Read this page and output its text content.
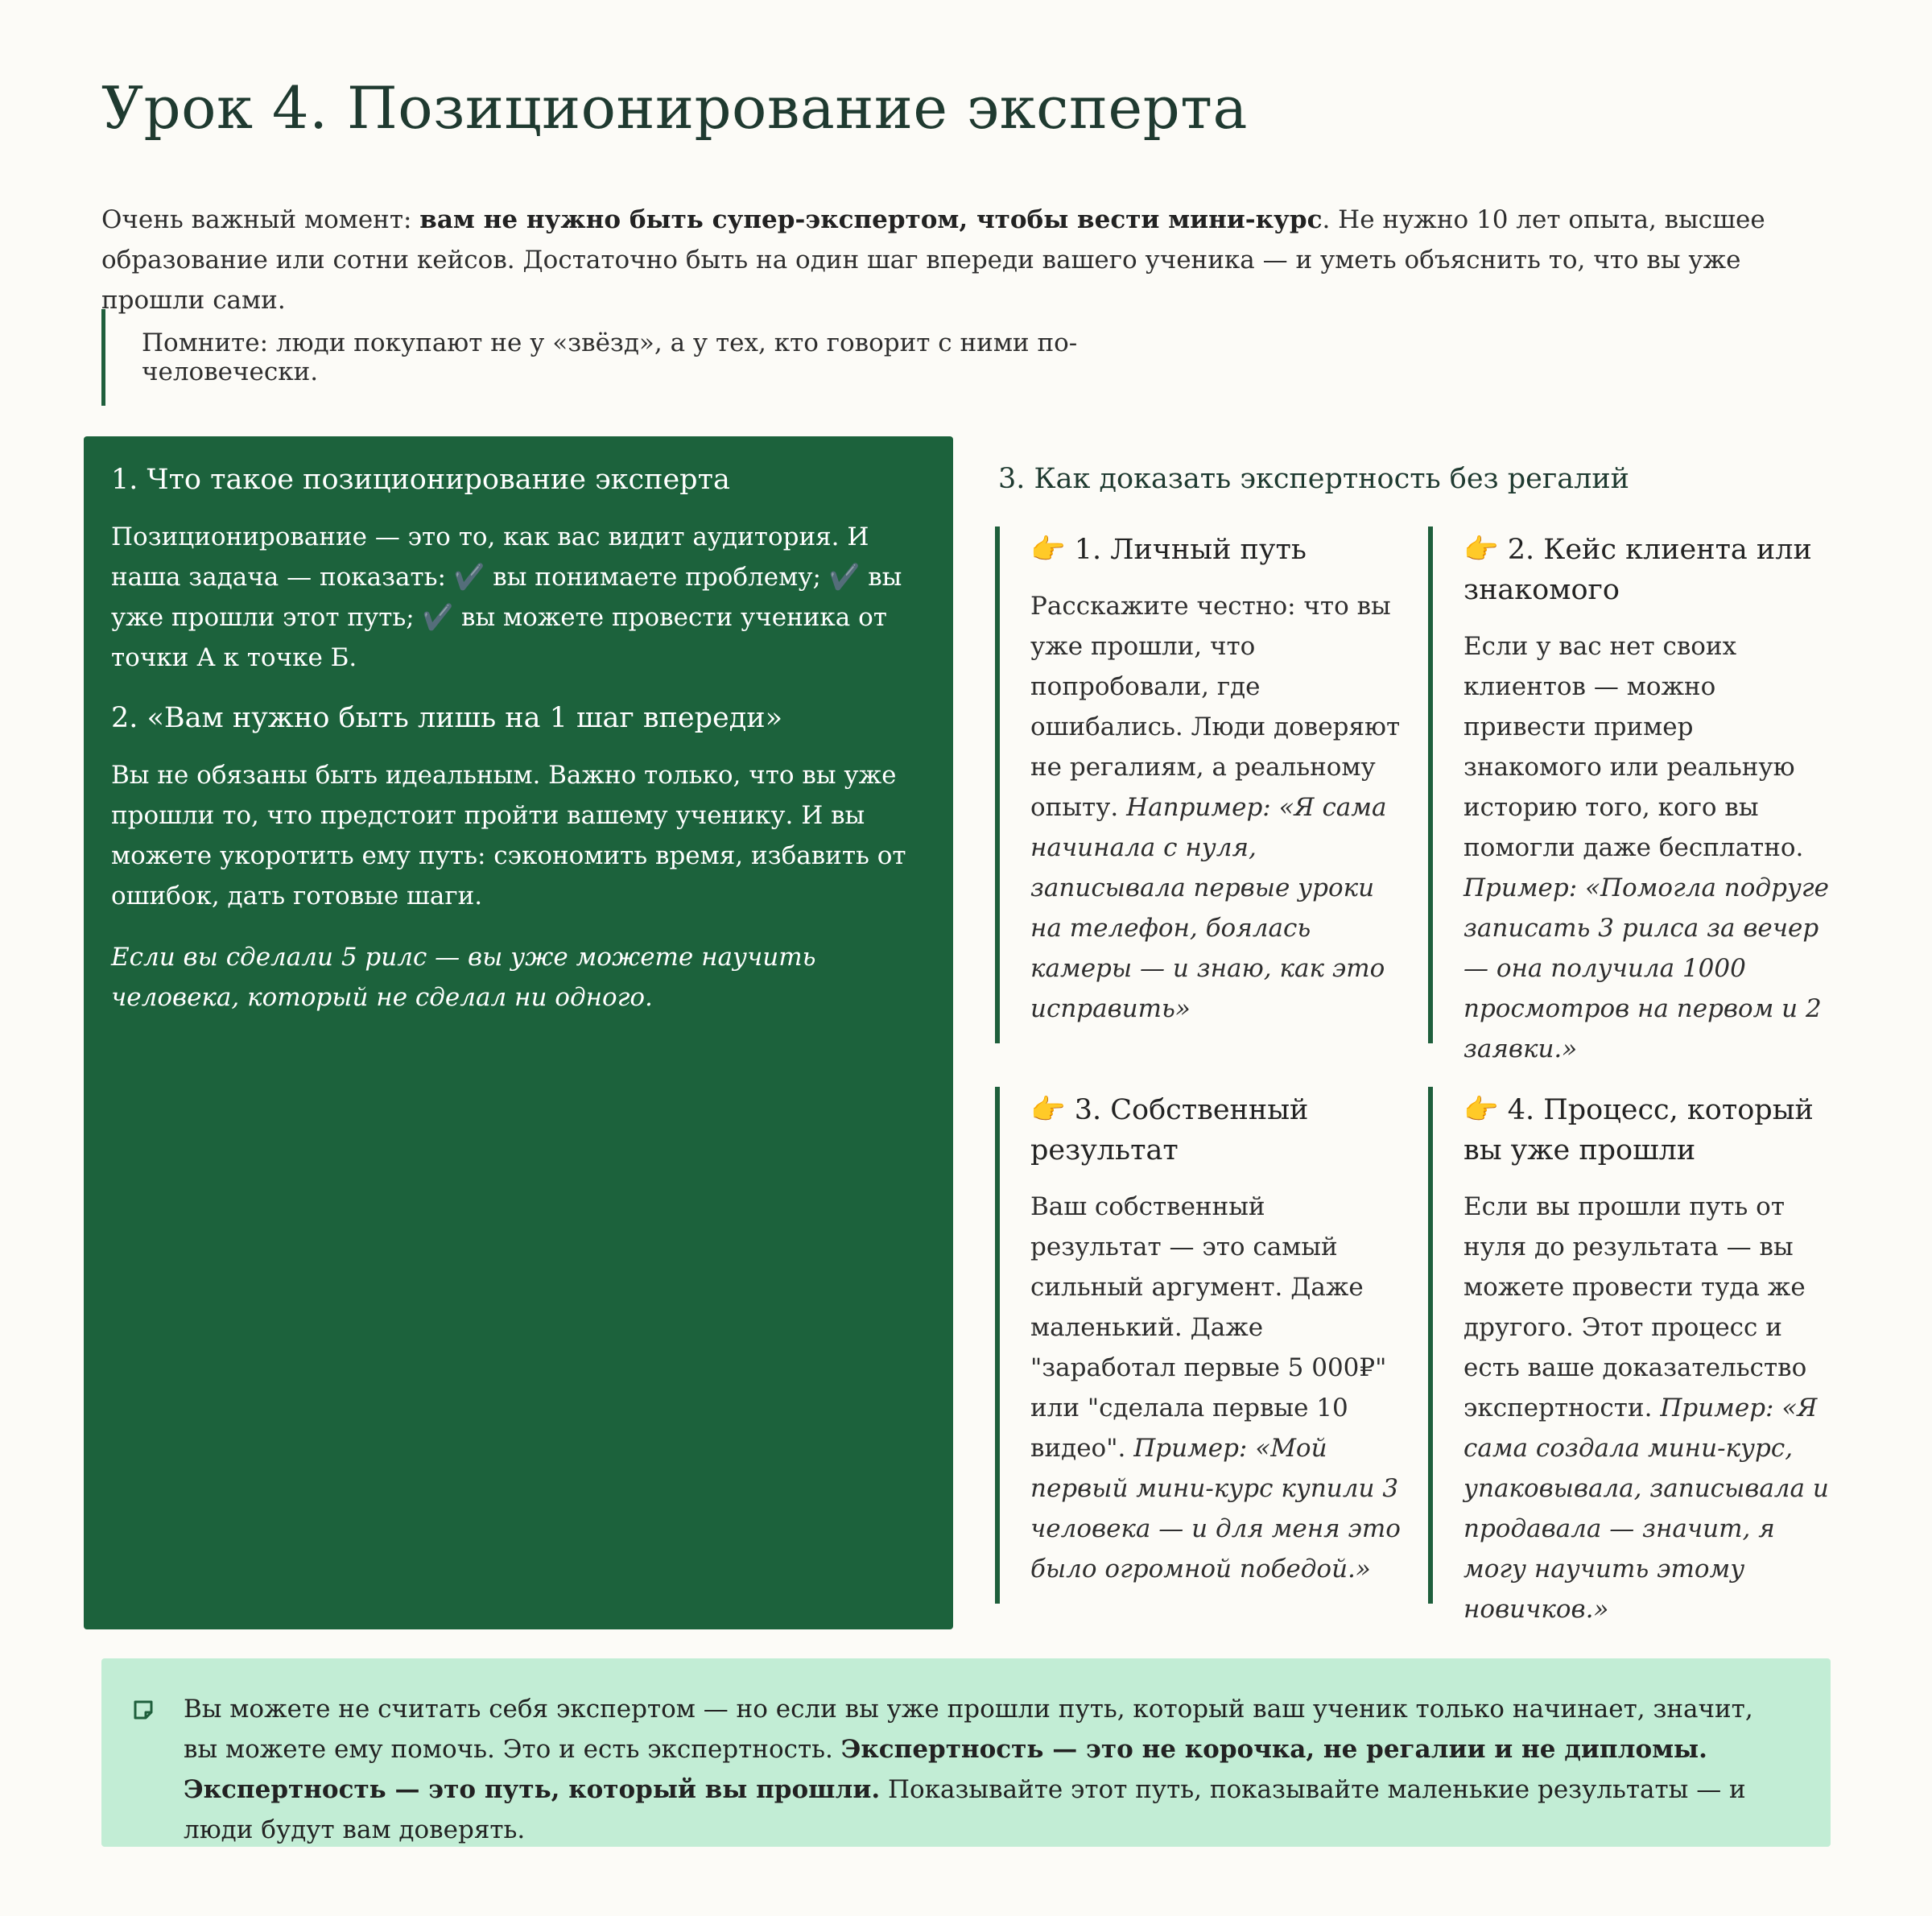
Урок 4. Позиционирование эксперта

Очень важный момент: вам не нужно быть супер-экспертом, чтобы вести мини-курс. Не нужно 10 лет опыта, высшее образование или сотни кейсов. Достаточно быть на один шаг впереди вашего ученика — и уметь объяснить то, что вы уже прошли сами.

Помните: люди покупают не у «звёзд», а у тех, кто говорит с ними по-человечески.
1. Что такое позиционирование эксперта

Позиционирование — это то, как вас видит аудитория. И наша задача — показать: ✔️ вы понимаете проблему; ✔️ вы уже прошли этот путь; ✔️ вы можете провести ученика от точки А к точке Б.

2. «Вам нужно быть лишь на 1 шаг впереди»

Вы не обязаны быть идеальным. Важно только, что вы уже прошли то, что предстоит пройти вашему ученику. И вы можете укоротить ему путь: сэкономить время, избавить от ошибок, дать готовые шаги.

Если вы сделали 5 рилс — вы уже можете научить человека, который не сделал ни одного.

3. Как доказать экспертность без регалий
👉 1. Личный путь

Расскажите честно: что вы уже прошли, что попробовали, где ошибались. Люди доверяют не регалиям, а реальному опыту. Например: «Я сама начинала с нуля, записывала первые уроки на телефон, боялась камеры — и знаю, как это исправить»

👉 2. Кейс клиента или знакомого

Если у вас нет своих клиентов — можно привести пример знакомого или реальную историю того, кого вы помогли даже бесплатно. Пример: «Помогла подруге записать 3 рилса за вечер — она получила 1000 просмотров на первом и 2 заявки.»

👉 3. Собственный результат

Ваш собственный результат — это самый сильный аргумент. Даже маленький. Даже "заработал первые 5 000₽" или "сделала первые 10 видео". Пример: «Мой первый мини-курс купили 3 человека — и для меня это было огромной победой.»

👉 4. Процесс, который вы уже прошли

Если вы прошли путь от нуля до результата — вы можете провести туда же другого. Этот процесс и есть ваше доказательство экспертности. Пример: «Я сама создала мини-курс, упаковывала, записывала и продавала — значит, я могу научить этому новичков.»

Вы можете не считать себя экспертом — но если вы уже прошли путь, который ваш ученик только начинает, значит, вы можете ему помочь. Это и есть экспертность. Экспертность — это не корочка, не регалии и не дипломы. Экспертность — это путь, который вы прошли. Показывайте этот путь, показывайте маленькие результаты — и люди будут вам доверять.
